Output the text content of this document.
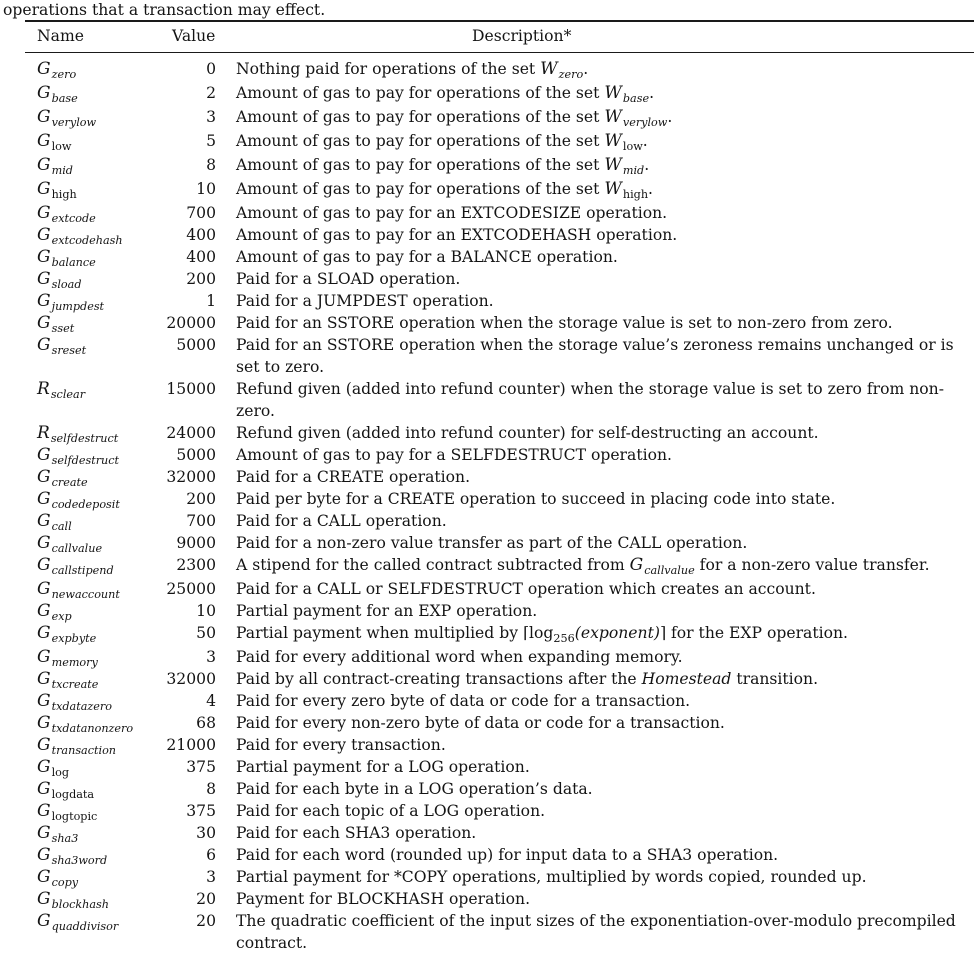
operations that a transaction may effect.
Name	Value	Description*
$G_{zero}$	0 Nothing paid for operations of the set $W_{zero}$.
$G_{base}$	2 Amount of gas to pay for operations of the set $W_{base}$.
$G_{verylow}$	3 Amount of gas to pay for operations of the set $W_{verylow}$.
$G_{low}$	5 Amount of gas to pay for operations of the set $W_{low}$.
$G_{mid}$	8 Amount of gas to pay for operations of the set $W_{mid}$.
$G_{high}$	10 Amount of gas to pay for operations of the set $W_{high}$.
$G_{extcode}$	700 Amount of gas to pay for an EXTCODESIZE operation.
$G_{extcodehash}$	400 Amount of gas to pay for an EXTCODEHASH operation.
$G_{balance}$	400 Amount of gas to pay for a BALANCE operation.
$G_{sload}$	200 Paid for a SLOAD operation.
$G_{jumpdest}$	1 Paid for a JUMPDEST operation.
$G_{sset}$	20000 Paid for an SSTORE operation when the storage value is set to non-zero from zero.
$G_{sreset}$	5000 Paid for an SSTORE operation when the storage value’s zeroness remains unchanged or is set to zero.
$R_{sclear}$	15000 Refund given (added into refund counter) when the storage value is set to zero from non-zero.
$R_{selfdestruct}$	24000 Refund given (added into refund counter) for self-destructing an account.
$G_{selfdestruct}$	5000 Amount of gas to pay for a SELFDESTRUCT operation.
$G_{create}$	32000 Paid for a CREATE operation.
$G_{codedeposit}$	200 Paid per byte for a CREATE operation to succeed in placing code into state.
$G_{call}$	700 Paid for a CALL operation.
$G_{callvalue}$	9000 Paid for a non-zero value transfer as part of the CALL operation.
$G_{callstipend}$	2300 A stipend for the called contract subtracted from $G_{callvalue}$ for a non-zero value transfer.
$G_{newaccount}$	25000 Paid for a CALL or SELFDESTRUCT operation which creates an account.
$G_{exp}$	10 Partial payment for an EXP operation.
$G_{expbyte}$	50 Partial payment when multiplied by $⌈\log_{256}(exponent)⌉$ for the EXP operation.
$G_{memory}$	3 Paid for every additional word when expanding memory.
$G_{txcreate}$	32000 Paid by all contract-creating transactions after the Homestead transition.
$G_{txdatazero}$	4 Paid for every zero byte of data or code for a transaction.
$G_{txdatanonzero}$	68 Paid for every non-zero byte of data or code for a transaction.
$G_{transaction}$	21000 Paid for every transaction.
$G_{log}$	375 Partial payment for a LOG operation.
$G_{logdata}$	8 Paid for each byte in a LOG operation’s data.
$G_{logtopic}$	375 Paid for each topic of a LOG operation.
$G_{sha3}$	30 Paid for each SHA3 operation.
$G_{sha3word}$	6 Paid for each word (rounded up) for input data to a SHA3 operation.
$G_{copy}$	3 Partial payment for *COPY operations, multiplied by words copied, rounded up.
$G_{blockhash}$	20 Payment for BLOCKHASH operation.
$G_{quaddivisor}$	20 The quadratic coefficient of the input sizes of the exponentiation-over-modulo precompiled contract.
